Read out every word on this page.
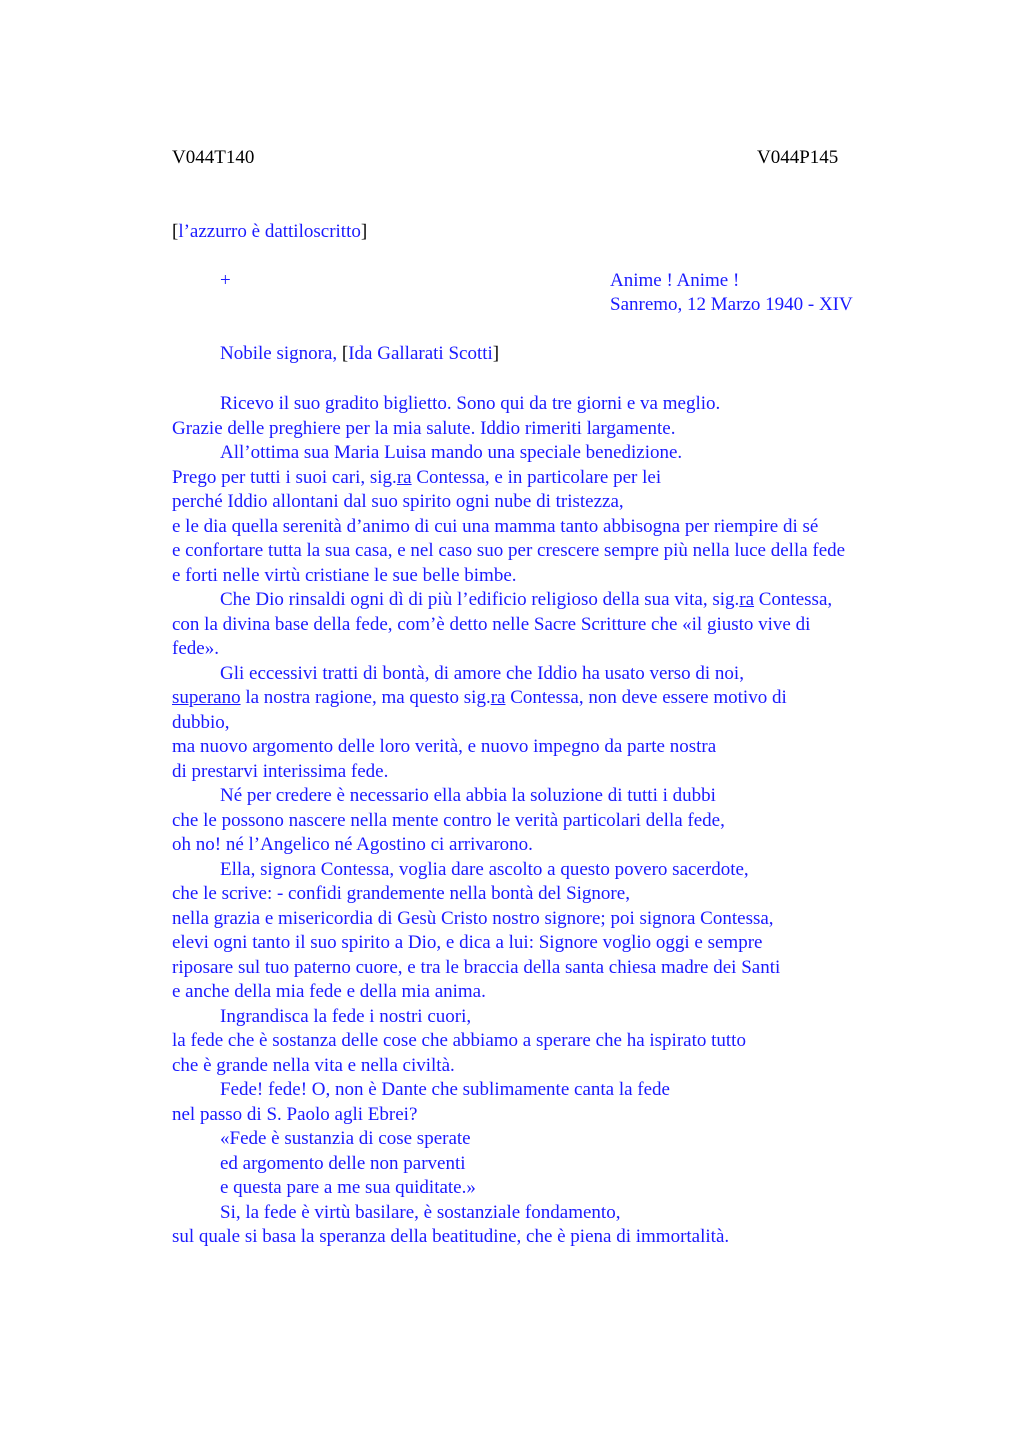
V044T140	V044P145
[l’azzurro è dattiloscritto]
+	Anime ! Anime !
Sanremo, 12 Marzo 1940 - XIV
Nobile signora, [Ida Gallarati Scotti]
Ricevo il suo gradito biglietto. Sono qui da tre giorni e va meglio.
Grazie delle preghiere per la mia salute. Iddio rimeriti largamente.
All’ottima sua Maria Luisa mando una speciale benedizione.
Prego per tutti i suoi cari, sig.ra Contessa, e in particolare per lei
perché Iddio allontani dal suo spirito ogni nube di tristezza,
e le dia quella serenità d’animo di cui una mamma tanto abbisogna per riempire di sé
e confortare tutta la sua casa, e nel caso suo per crescere sempre più nella luce della fede
e forti nelle virtù cristiane le sue belle bimbe.
Che Dio rinsaldi ogni dì di più l’edificio religioso della sua vita, sig.ra Contessa,
con la divina base della fede, com’è detto nelle Sacre Scritture che «il giusto vive di
fede».
Gli eccessivi tratti di bontà, di amore che Iddio ha usato verso di noi,
superano la nostra ragione, ma questo sig.ra Contessa, non deve essere motivo di
dubbio,
ma nuovo argomento delle loro verità, e nuovo impegno da parte nostra
di prestarvi interissima fede.
Né per credere è necessario ella abbia la soluzione di tutti i dubbi
che le possono nascere nella mente contro le verità particolari della fede,
oh no! né l’Angelico né Agostino ci arrivarono.
Ella, signora Contessa, voglia dare ascolto a questo povero sacerdote,
che le scrive: - confidi grandemente nella bontà del Signore,
nella grazia e misericordia di Gesù Cristo nostro signore; poi signora Contessa,
elevi ogni tanto il suo spirito a Dio, e dica a lui: Signore voglio oggi e sempre
riposare sul tuo paterno cuore, e tra le braccia della santa chiesa madre dei Santi
e anche della mia fede e della mia anima.
Ingrandisca la fede i nostri cuori,
la fede che è sostanza delle cose che abbiamo a sperare che ha ispirato tutto
che è grande nella vita e nella civiltà.
Fede! fede! O, non è Dante che sublimamente canta la fede
nel passo di S. Paolo agli Ebrei?
«Fede è sustanzia di cose sperate
ed argomento delle non parventi
e questa pare a me sua quiditate.»
Si, la fede è virtù basilare, è sostanziale fondamento,
sul quale si basa la speranza della beatitudine, che è piena di immortalità.
